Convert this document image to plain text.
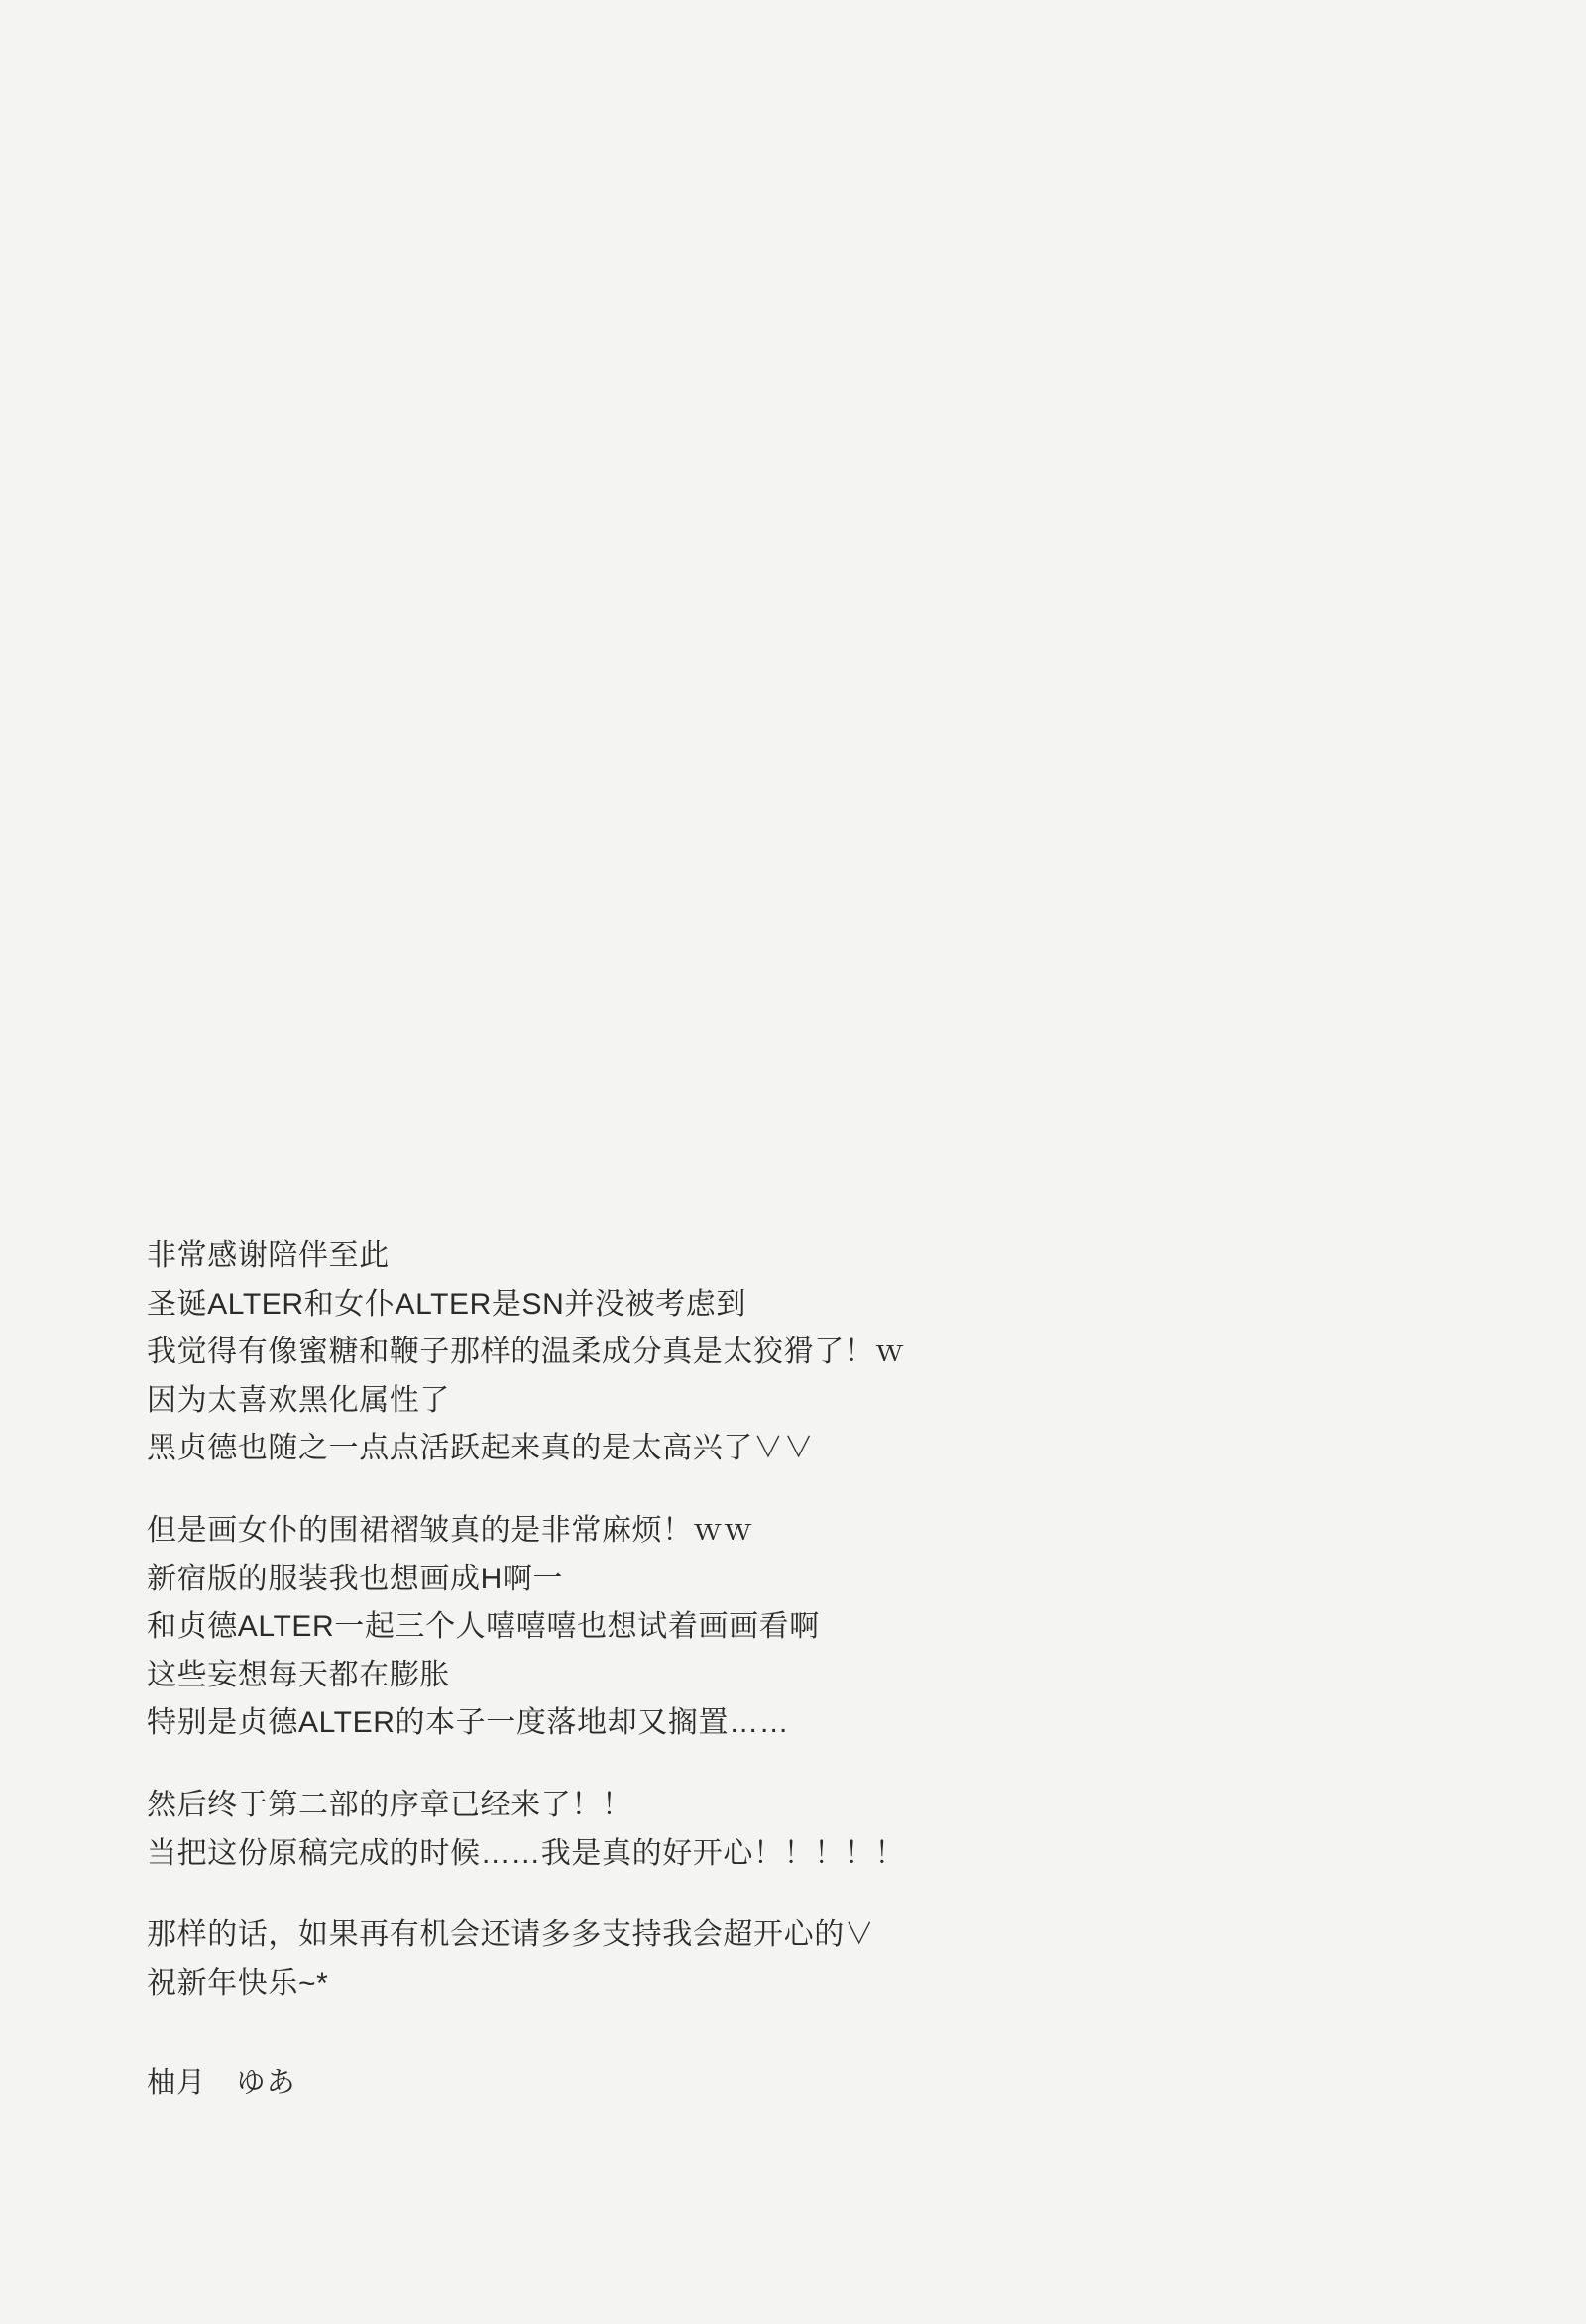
非常感谢陪伴至此
圣诞ALTER和女仆ALTER是SN并没被考虑到
我觉得有像蜜糖和鞭子那样的温柔成分真是太狡猾了！ｗ
因为太喜欢黑化属性了
黑贞德也随之一点点活跃起来真的是太高兴了∨∨
但是画女仆的围裙褶皱真的是非常麻烦！ｗｗ
新宿版的服装我也想画成H啊一
和贞德ALTER一起三个人嘻嘻嘻也想试着画画看啊
这些妄想每天都在膨胀
特别是贞德ALTER的本子一度落地却又搁置……
然后终于第二部的序章已经来了！！
当把这份原稿完成的时候……我是真的好开心！！！！！
那样的话，如果再有机会还请多多支持我会超开心的∨
祝新年快乐~*
柚月　ゆあ
